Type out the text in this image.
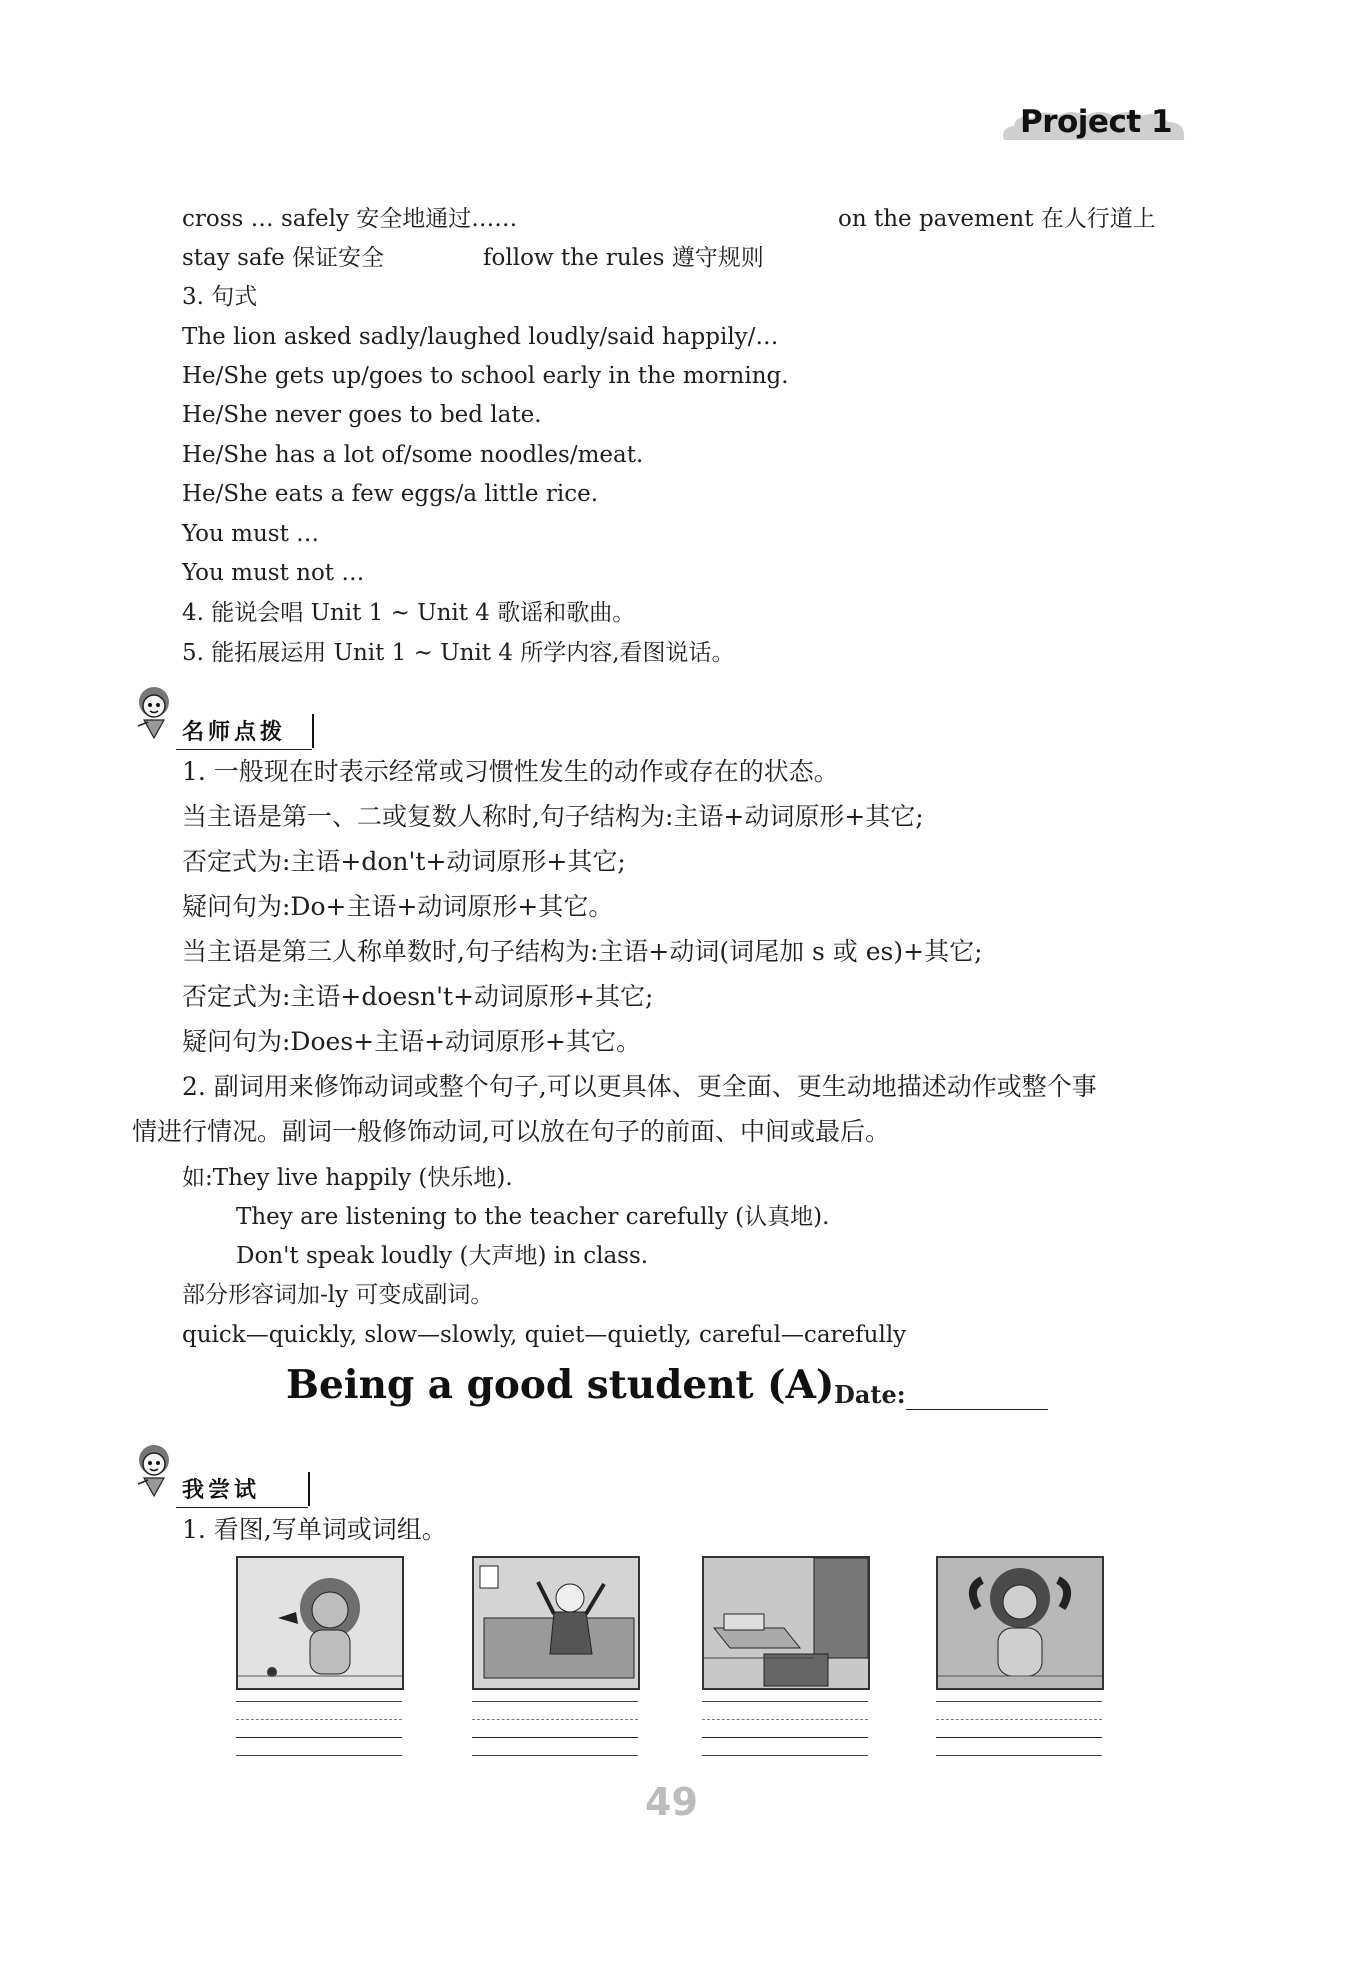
Project 1
cross … safely 安全地通过……	on the pavement 在人行道上
stay safe 保证安全	follow the rules 遵守规则
3. 句式
The lion asked sadly/laughed loudly/said happily/…
He/She gets up/goes to school early in the morning.
He/She never goes to bed late.
He/She has a lot of/some noodles/meat.
He/She eats a few eggs/a little rice.
You must …
You must not …
4. 能说会唱 Unit 1 ~ Unit 4 歌谣和歌曲。
5. 能拓展运用 Unit 1 ~ Unit 4 所学内容,看图说话。
名师点拨
1. 一般现在时表示经常或习惯性发生的动作或存在的状态。
当主语是第一、二或复数人称时,句子结构为:主语+动词原形+其它;
否定式为:主语+don't+动词原形+其它;
疑问句为:Do+主语+动词原形+其它。
当主语是第三人称单数时,句子结构为:主语+动词(词尾加 s 或 es)+其它;
否定式为:主语+doesn't+动词原形+其它;
疑问句为:Does+主语+动词原形+其它。
2. 副词用来修饰动词或整个句子,可以更具体、更全面、更生动地描述动作或整个事
情进行情况。副词一般修饰动词,可以放在句子的前面、中间或最后。
如:They live happily (快乐地).
They are listening to the teacher carefully (认真地).
Don't speak loudly (大声地) in class.
部分形容词加-ly 可变成副词。
quick—quickly, slow—slowly, quiet—quietly, careful—carefully
Being a good student (A) Date:
我尝试
1. 看图,写单词或词组。
49
